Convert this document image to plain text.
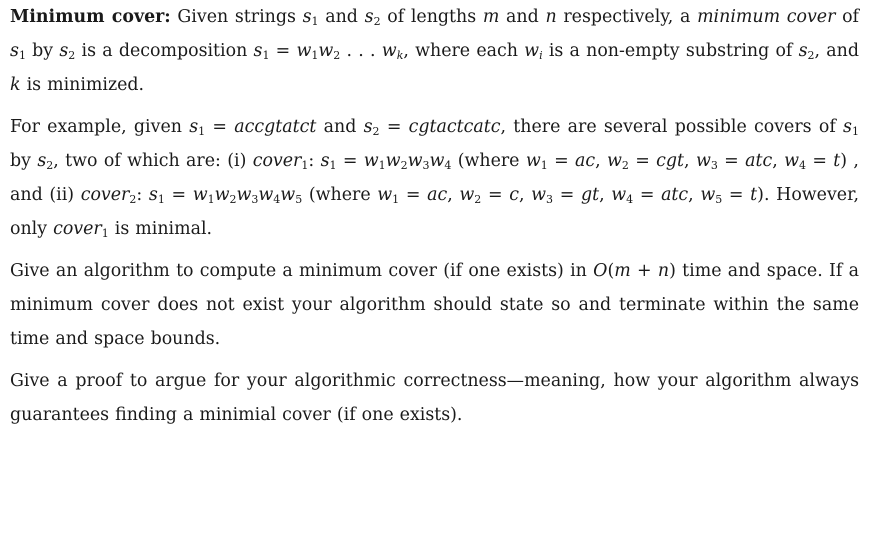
Minimum cover: Given strings $s_1$ and $s_2$ of lengths m and n respectively, a minimum cover of $s_1$ by $s_2$ is a decomposition $s_1 = w_1w_2$ . . . $w_k$, where each $w_i$ is a non-empty substring of $s_2$, and k is minimized.

For example, given $s_1$ = accgtatct and $s_2$ = cgtactcatc, there are several possible covers of $s_1$ by $s_2$, two of which are: (i) cover$_1$: $s_1 = w_1w_2w_3w_4$ (where $w_1$ = ac, $w_2$ = cgt, $w_3$ = atc, $w_4 = t$) , and (ii) cover$_2$: $s_1 = w_1w_2w_3w_4w_5$ (where $w_1$ = ac, $w_2 = c$, $w_3$ = gt, $w_4$ = atc, $w_5 = t$). However, only cover$_1$ is minimal.

Give an algorithm to compute a minimum cover (if one exists) in O(m + n) time and space. If a minimum cover does not exist your algorithm should state so and terminate within the same time and space bounds.

Give a proof to argue for your algorithmic correctness—meaning, how your algorithm always guarantees finding a minimial cover (if one exists).
